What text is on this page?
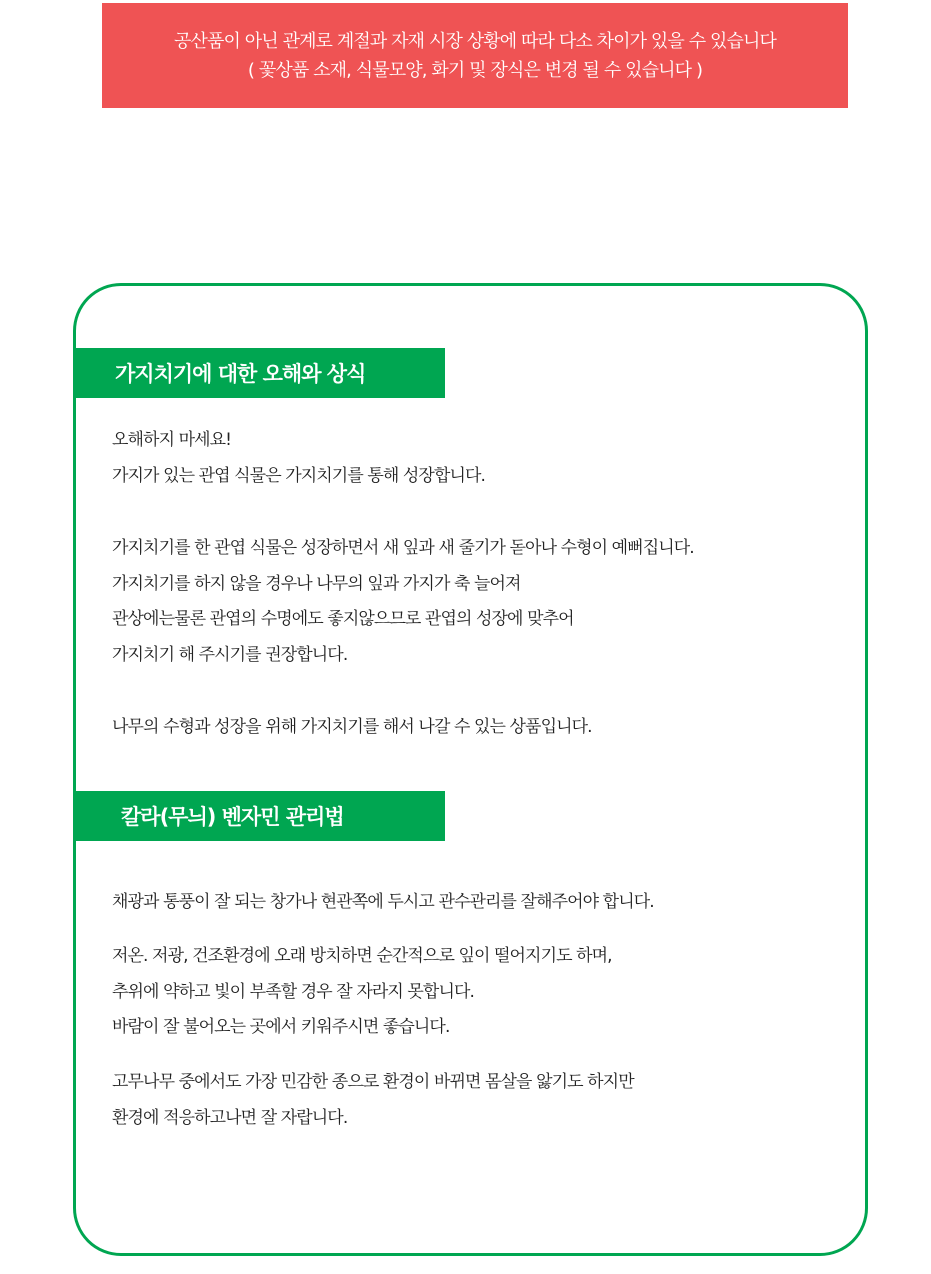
공산품이 아닌 관계로 계절과 자재 시장 상황에 따라 다소 차이가 있을 수 있습니다
( 꽃상품 소재, 식물모양, 화기 및 장식은 변경 될 수 있습니다 )
가지치기에 대한 오해와 상식
오해하지 마세요!
가지가 있는 관엽 식물은 가지치기를 통해 성장합니다.
가지치기를 한 관엽 식물은 성장하면서 새 잎과 새 줄기가 돋아나 수형이 예뻐집니다.
가지치기를 하지 않을 경우나 나무의 잎과 가지가 축 늘어져
관상에는물론 관엽의 수명에도 좋지않으므로 관엽의 성장에 맞추어
가지치기 해 주시기를 권장합니다.
나무의 수형과 성장을 위해 가지치기를 해서 나갈 수 있는 상품입니다.
칼라(무늬) 벤자민 관리법
채광과 통풍이 잘 되는 창가나 현관쪽에 두시고 관수관리를 잘해주어야 합니다.
저온. 저광, 건조환경에 오래 방치하면 순간적으로 잎이 떨어지기도 하며,
추위에 약하고 빛이 부족할 경우 잘 자라지 못합니다.
바람이 잘 불어오는 곳에서 키워주시면 좋습니다.
고무나무 중에서도 가장 민감한 종으로 환경이 바뀌면 몸살을 앓기도 하지만
환경에 적응하고나면 잘 자랍니다.
